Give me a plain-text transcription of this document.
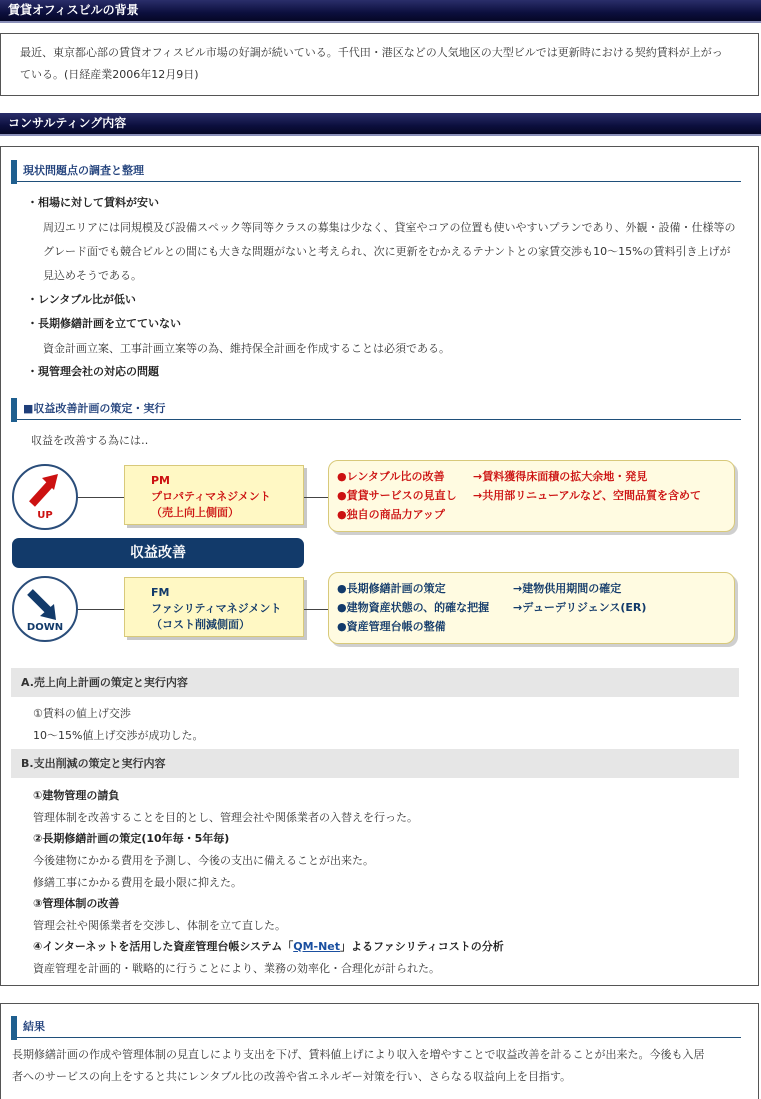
賃貸オフィスビルの背景
最近、東京都心部の賃貸オフィスビル市場の好調が続いている。千代田・港区などの人気地区の大型ビルでは更新時における契約賃料が上がっ
ている。(日経産業2006年12月9日)
コンサルティング内容
現状問題点の調査と整理
・相場に対して賃料が安い
周辺エリアには同規模及び設備スペック等同等クラスの募集は少なく、貸室やコアの位置も使いやすいプランであり、外観・設備・仕様等の
グレード面でも競合ビルとの間にも大きな問題がないと考えられ、次に更新をむかえるテナントとの家賃交渉も10～15%の賃料引き上げが
見込めそうである。
・レンタブル比が低い
・長期修繕計画を立てていない
資金計画立案、工事計画立案等の為、維持保全計画を作成することは必須である。
・現管理会社の対応の問題
■収益改善計画の策定・実行
収益を改善する為には‥
UP
PM
プロパティマネジメント
（売上向上側面）
●レンタブル比の改善	→賃料獲得床面積の拡大余地・発見
●賃貸サービスの見直し →共用部リニューアルなど、空間品質を含めて
●独自の商品力アップ
収益改善
DOWN
FM
ファシリティマネジメント
（コスト削減側面）
●長期修繕計画の策定	→建物供用期間の確定
●建物資産状態の、的確な把握 →デューデリジェンス(ER)
●資産管理台帳の整備
A.売上向上計画の策定と実行内容
①賃料の値上げ交渉
10～15%値上げ交渉が成功した。
B.支出削減の策定と実行内容
①建物管理の請負
管理体制を改善することを目的とし、管理会社や関係業者の入替えを行った。
②長期修繕計画の策定(10年毎・5年毎)
今後建物にかかる費用を予測し、今後の支出に備えることが出来た。
修繕工事にかかる費用を最小限に抑えた。
③管理体制の改善
管理会社や関係業者を交渉し、体制を立て直した。
④インターネットを活用した資産管理台帳システム「QM-Net」よるファシリティコストの分析
資産管理を計画的・戦略的に行うことにより、業務の効率化・合理化が計られた。
結果
長期修繕計画の作成や管理体制の見直しにより支出を下げ、賃料値上げにより収入を増やすことで収益改善を計ることが出来た。今後も入居
者へのサービスの向上をすると共にレンタブル比の改善や省エネルギー対策を行い、さらなる収益向上を目指す。
